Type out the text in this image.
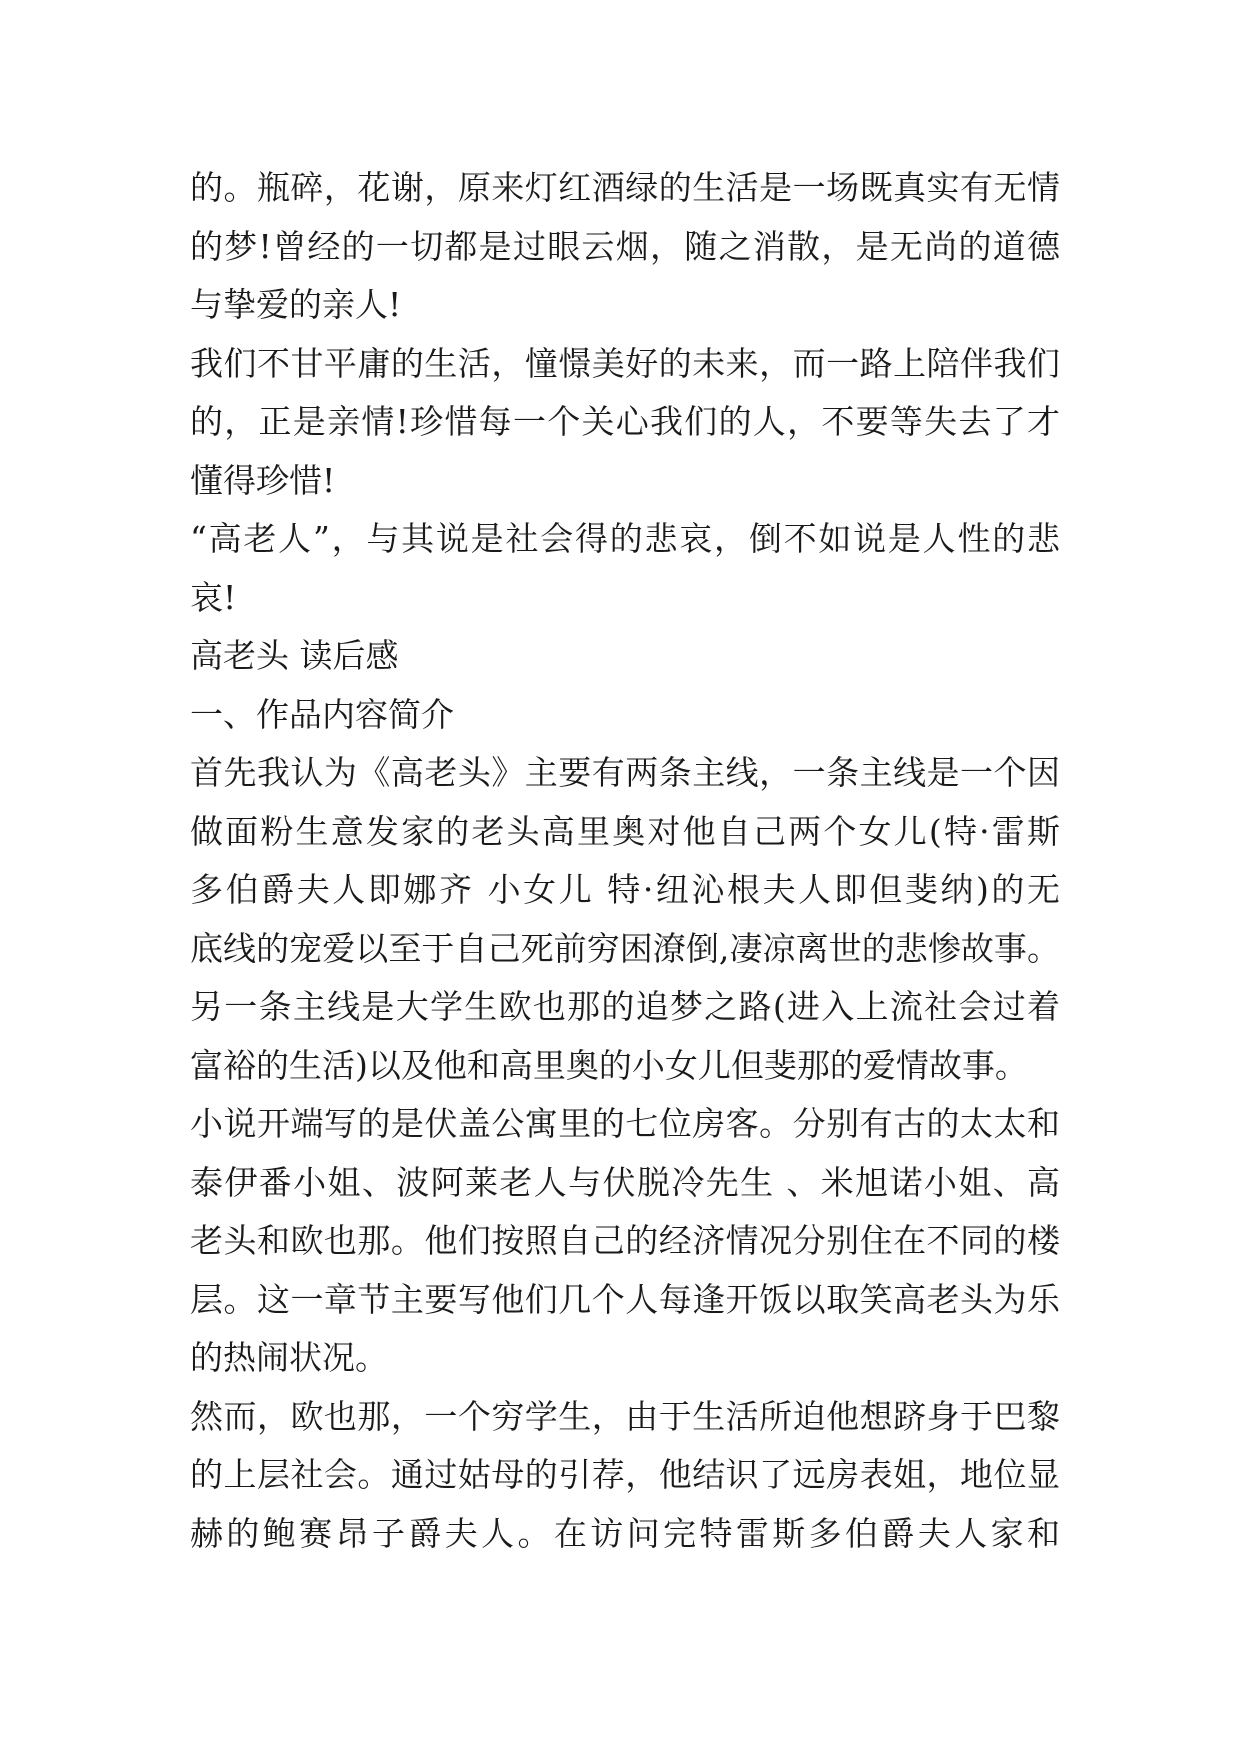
的。瓶碎，花谢，原来灯红酒绿的生活是一场既真实有无情
的梦!曾经的一切都是过眼云烟，随之消散，是无尚的道德
与挚爱的亲人!
我们不甘平庸的生活，憧憬美好的未来，而一路上陪伴我们
的，正是亲情!珍惜每一个关心我们的人，不要等失去了才
懂得珍惜!
“高老人”，与其说是社会得的悲哀，倒不如说是人性的悲
哀!
高老头 读后感
一、作品内容简介
首先我认为《高老头》主要有两条主线，一条主线是一个因
做面粉生意发家的老头高里奥对他自己两个女儿(特·雷斯
多伯爵夫人即娜齐 小女儿 特·纽沁根夫人即但斐纳)的无
底线的宠爱以至于自己死前穷困潦倒,凄凉离世的悲惨故事。
另一条主线是大学生欧也那的追梦之路(进入上流社会过着
富裕的生活)以及他和高里奥的小女儿但斐那的爱情故事。
小说开端写的是伏盖公寓里的七位房客。分别有古的太太和
泰伊番小姐、波阿莱老人与伏脱冷先生 、米旭诺小姐、高
老头和欧也那。他们按照自己的经济情况分别住在不同的楼
层。这一章节主要写他们几个人每逢开饭以取笑高老头为乐
的热闹状况。
然而，欧也那，一个穷学生，由于生活所迫他想跻身于巴黎
的上层社会。通过姑母的引荐，他结识了远房表姐，地位显
赫的鲍赛昂子爵夫人。在访问完特雷斯多伯爵夫人家和
